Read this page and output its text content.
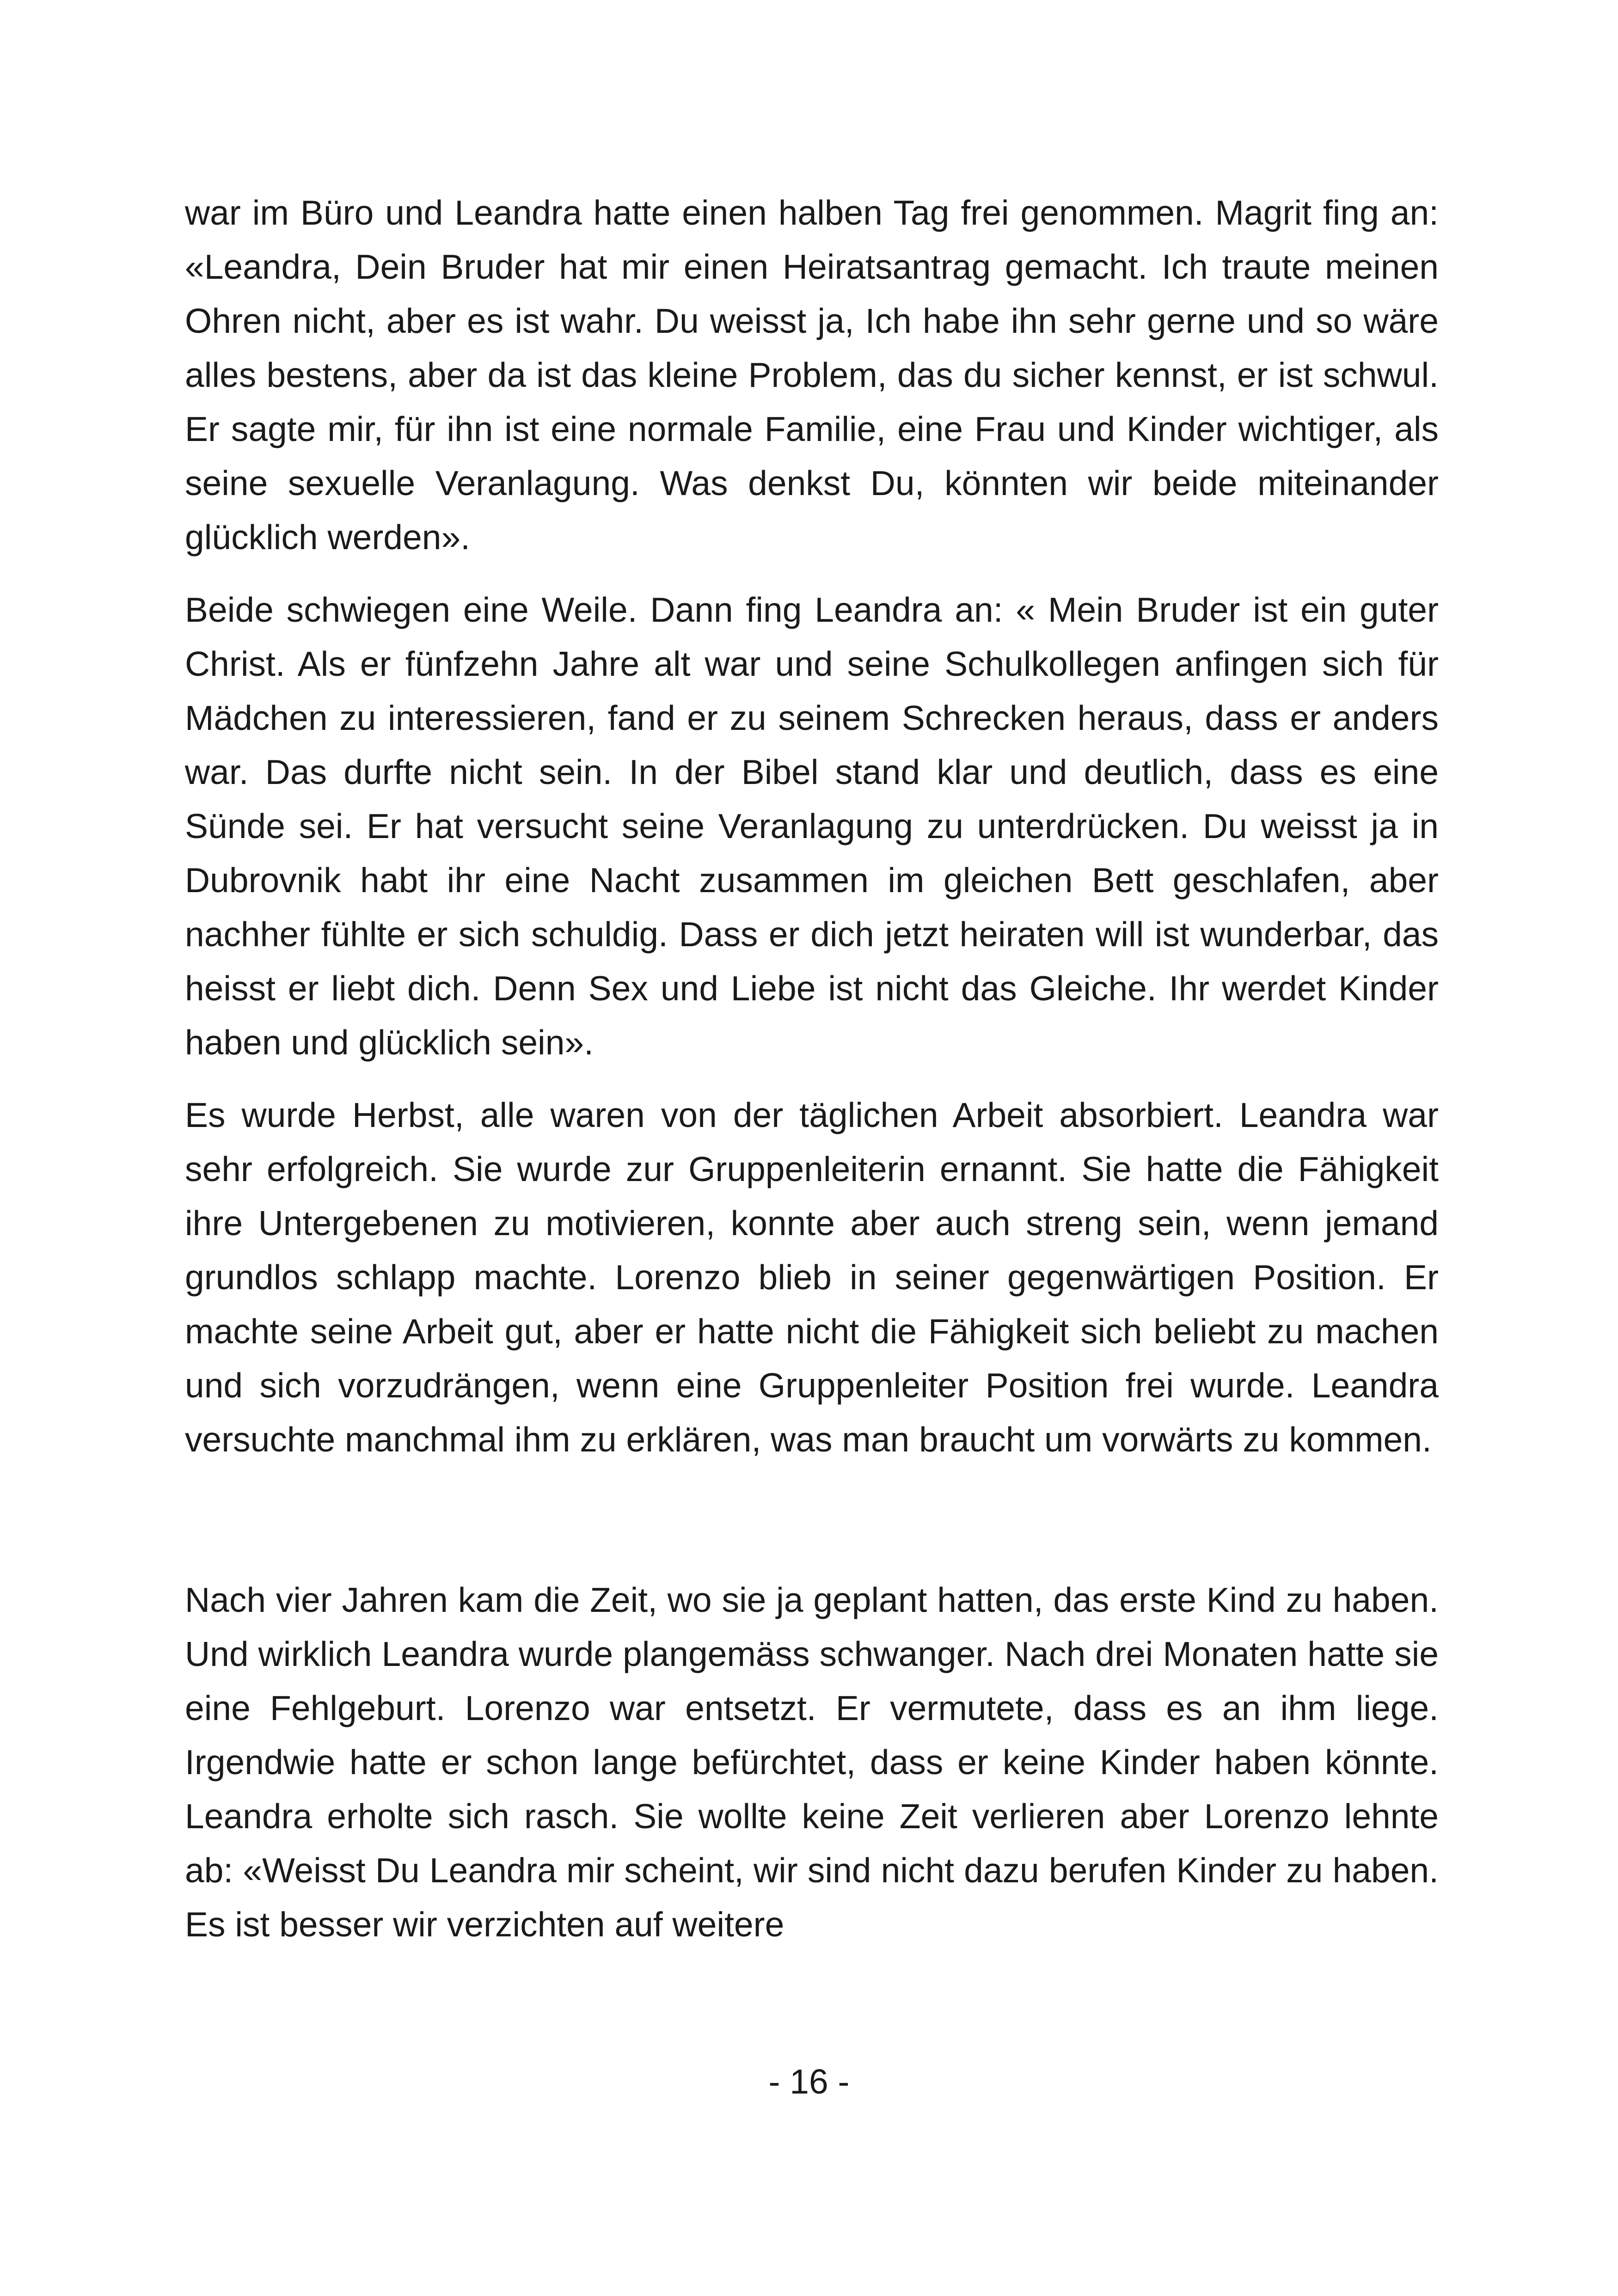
war im Büro und Leandra hatte einen halben Tag frei genommen. Magrit fing an: «Leandra, Dein Bruder hat mir einen Heiratsantrag gemacht. Ich traute meinen Ohren nicht, aber es ist wahr. Du weisst ja, Ich habe ihn sehr gerne und so wäre alles bestens, aber da ist das kleine Problem, das du sicher kennst, er ist schwul. Er sagte mir, für ihn ist eine normale Familie, eine Frau und Kinder wichtiger, als seine sexuelle Veranlagung. Was denkst Du, könnten wir beide miteinander glücklich werden».

Beide schwiegen eine Weile. Dann fing Leandra an: « Mein Bruder ist ein guter Christ. Als er fünfzehn Jahre alt war und seine Schulkollegen anfingen sich für Mädchen zu interessieren, fand er zu seinem Schrecken heraus, dass er anders war. Das durfte nicht sein. In der Bibel stand klar und deutlich, dass es eine Sünde sei. Er hat versucht seine Veranlagung zu unterdrücken. Du weisst ja in Dubrovnik habt ihr eine Nacht zusammen im gleichen Bett geschlafen, aber nachher fühlte er sich schuldig. Dass er dich jetzt heiraten will ist wunderbar, das heisst er liebt dich. Denn Sex und Liebe ist nicht das Gleiche. Ihr werdet Kinder haben und glücklich sein».

Es wurde Herbst, alle waren von der täglichen Arbeit absorbiert. Leandra war sehr erfolgreich. Sie wurde zur Gruppenleiterin ernannt. Sie hatte die Fähigkeit ihre Untergebenen zu motivieren, konnte aber auch streng sein, wenn jemand grundlos schlapp machte. Lorenzo blieb in seiner gegenwärtigen Position. Er machte seine Arbeit gut, aber er hatte nicht die Fähigkeit sich beliebt zu machen und sich vorzudrängen, wenn eine Gruppenleiter Position frei wurde. Leandra versuchte manchmal ihm zu erklären, was man braucht um vorwärts zu kommen.

Nach vier Jahren kam die Zeit, wo sie ja geplant hatten, das erste Kind zu haben. Und wirklich Leandra wurde plangemäss schwanger. Nach drei Monaten hatte sie eine Fehlgeburt. Lorenzo war entsetzt. Er vermutete, dass es an ihm liege. Irgendwie hatte er schon lange befürchtet, dass er keine Kinder haben könnte. Leandra erholte sich rasch. Sie wollte keine Zeit verlieren aber Lorenzo lehnte ab: «Weisst Du Leandra mir scheint, wir sind nicht dazu berufen Kinder zu haben. Es ist besser wir verzichten auf weitere

- 16 -
